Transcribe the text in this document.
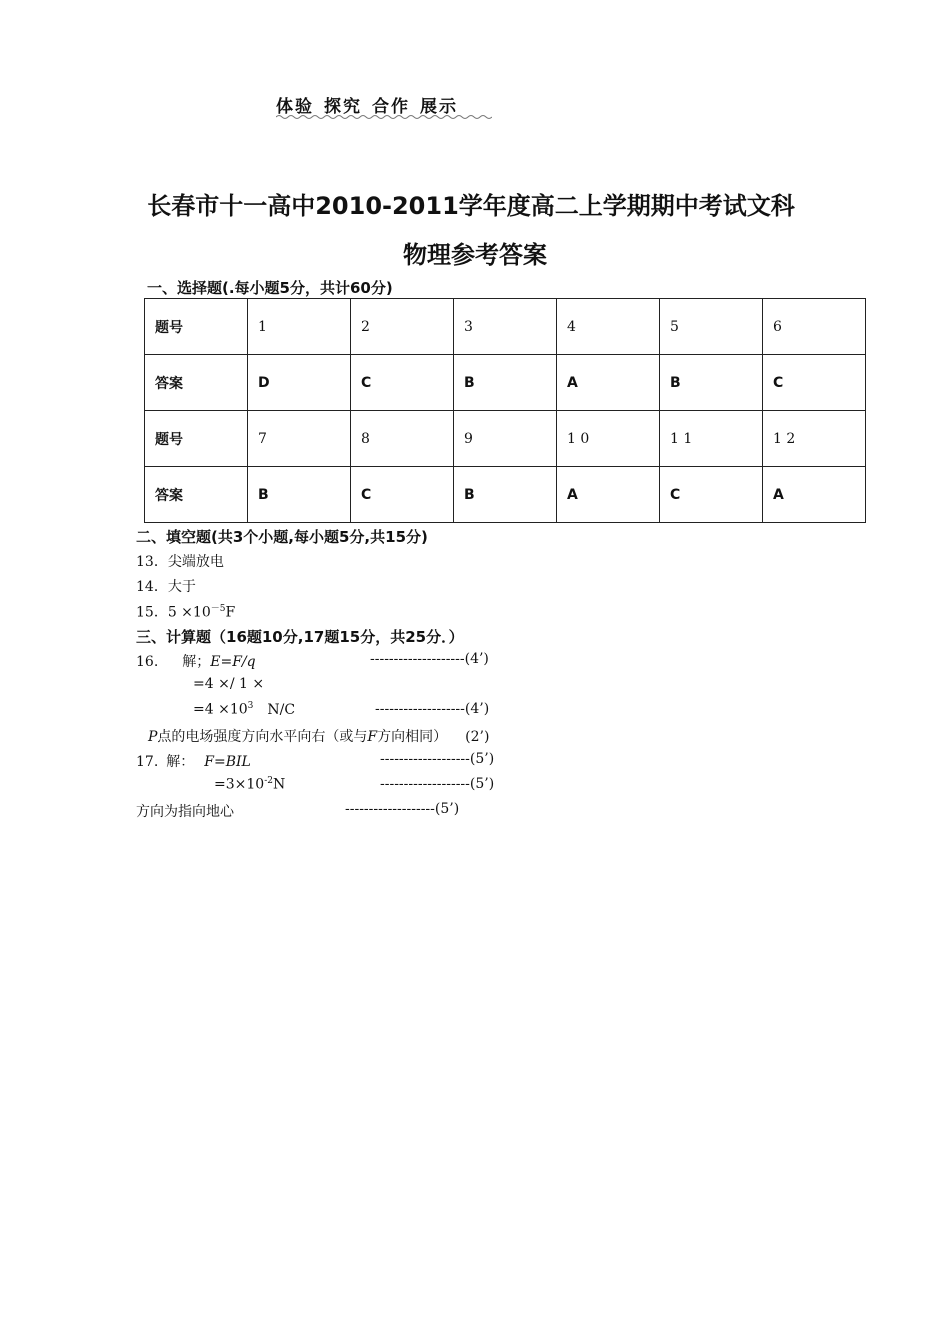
体验 探究 合作 展示
长春市十一高中2010-2011学年度高二上学期期中考试文科
物理参考答案
一、选择题(.每小题5分，共计60分)
题号	1	2	3	4	5	6
答案	D	C	B	A	B	C
题号	7	8	9	1 0	1 1	1 2
答案	B	C	B	A	C	A
二、填空题(共3个小题,每小题5分,共15分)
13．尖端放电
14．大于
15．$5 \times 10^{-5}F$
三、计算题（16题10分,17题15分，共25分．）
16. 解；E=F/q	--------------------(4’)
=4 ×/ 1 ×
$=4 \times 10^3$ N/C	-------------------(4’)
P点的电场强度方向水平向右（或与F方向相同） (2’)
17. 解： F=BIL	-------------------(5’)
$=3\times 10^{-2}N$	-------------------(5’)
方向为指向地心	-------------------(5’)
